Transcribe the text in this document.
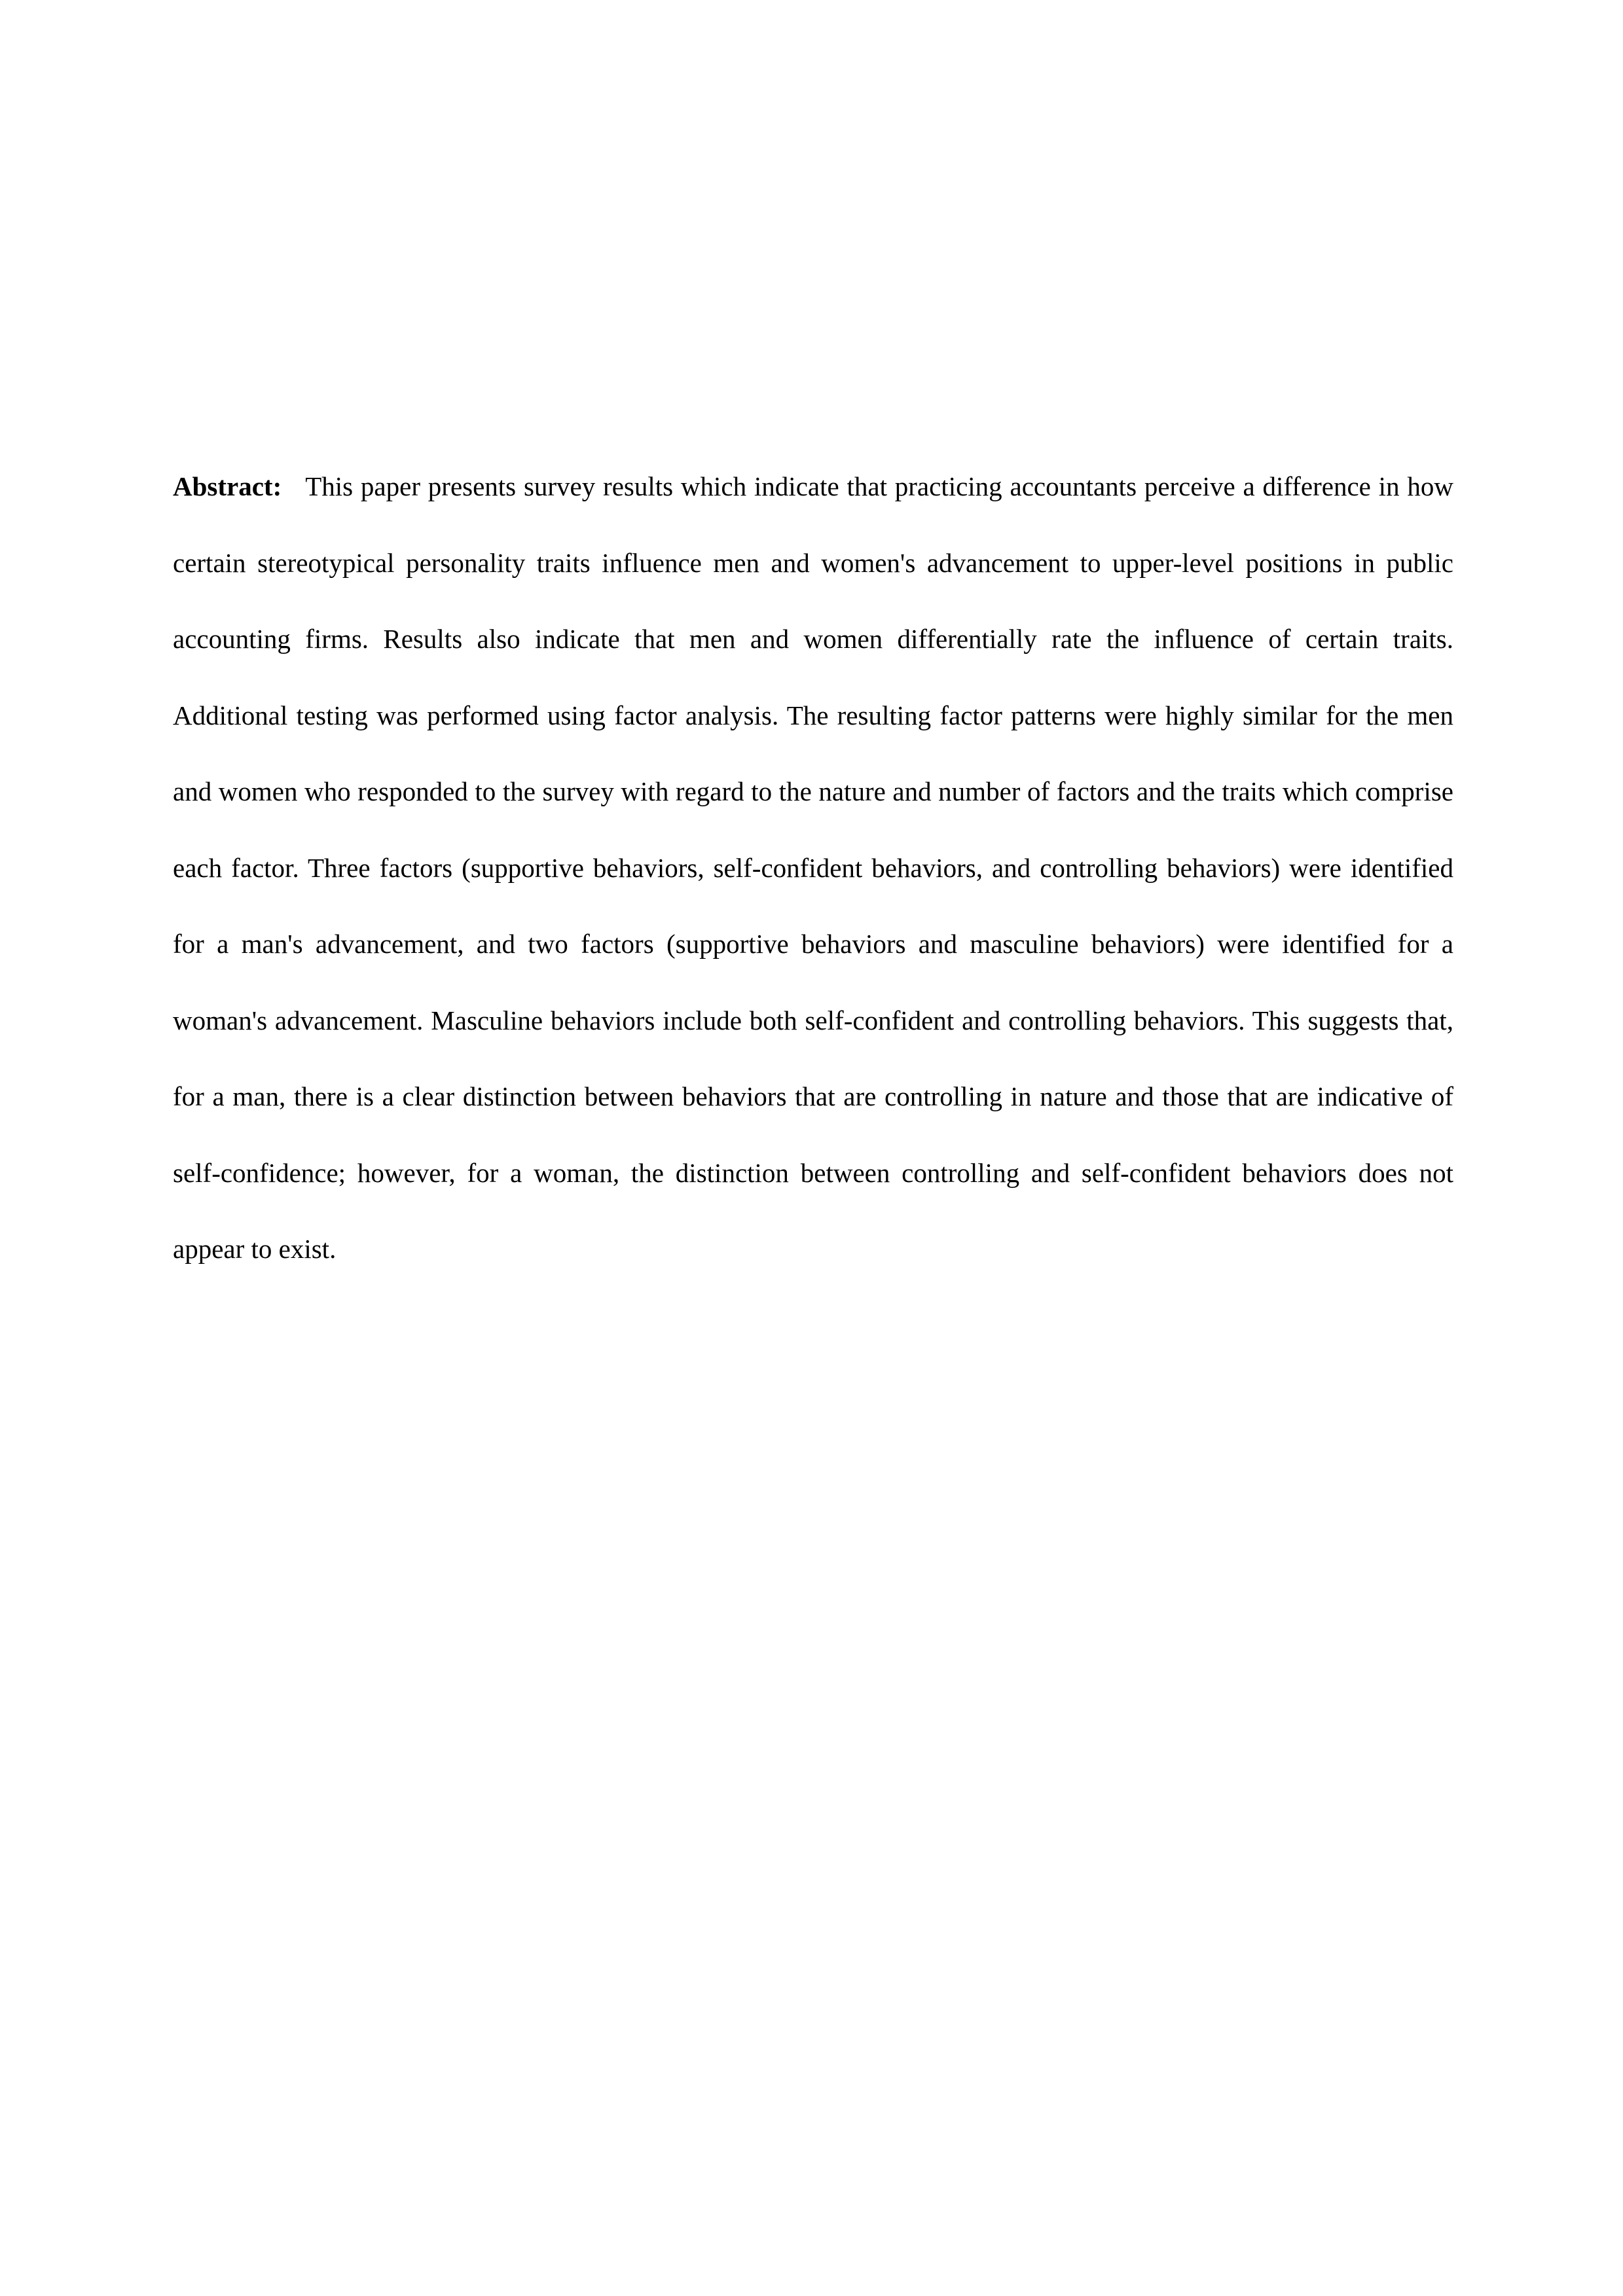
Abstract: This paper presents survey results which indicate that practicing accountants perceive a difference in how certain stereotypical personality traits influence men and women's advancement to upper-level positions in public accounting firms. Results also indicate that men and women differentially rate the influence of certain traits. Additional testing was performed using factor analysis. The resulting factor patterns were highly similar for the men and women who responded to the survey with regard to the nature and number of factors and the traits which comprise each factor. Three factors (supportive behaviors, self-confident behaviors, and controlling behaviors) were identified for a man's advancement, and two factors (supportive behaviors and masculine behaviors) were identified for a woman's advancement. Masculine behaviors include both self-confident and controlling behaviors. This suggests that, for a man, there is a clear distinction between behaviors that are controlling in nature and those that are indicative of self-confidence; however, for a woman, the distinction between controlling and self-confident behaviors does not appear to exist.
